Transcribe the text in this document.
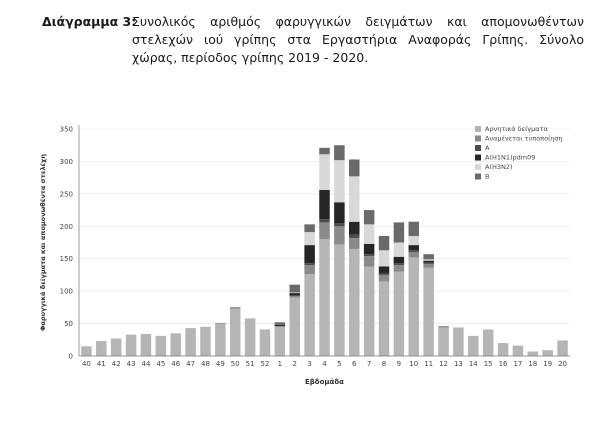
Διάγραμμα 3:
Συνολικός αριθμός φαρυγγικών δειγμάτων και απομονωθέντων στελεχών ιού γρίπης στα Εργαστήρια Αναφοράς Γρίπης. Σύνολο χώρας, περίοδος γρίπης 2019 - 2020.
0
50
100
150
200
250
300
350
40 41 42 43 44 45 46 47 48 49 50 51 52 1 2 3 4 5 6 7 8 9 10 11 12 13 14 15 16 17 18 19 20
Εβδομάδα
Φαρυγγικά δείγματα και απομονωθέντα στελέχη
Αρνητικά δείγματα
Αναμένεται τυποποίηση
A
A(H1N1)pdm09
A(H3N2)
B
